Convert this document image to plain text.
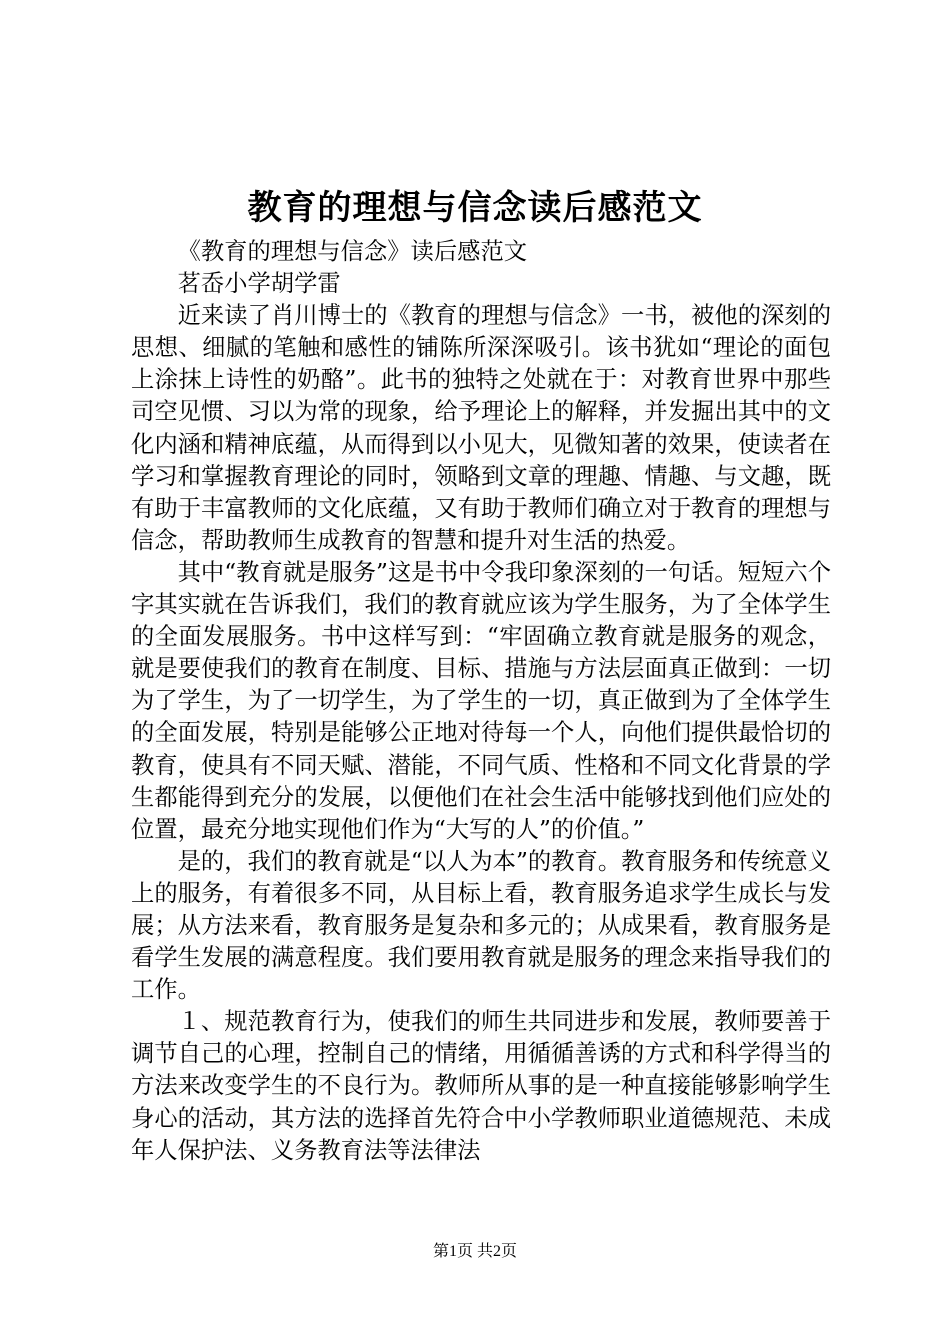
教育的理想与信念读后感范文

《教育的理想与信念》读后感范文

茗岙小学胡学雷

近来读了肖川博士的《教育的理想与信念》一书，被他的深刻的思想、细腻的笔触和感性的铺陈所深深吸引。该书犹如“理论的面包上涂抹上诗性的奶酪”。此书的独特之处就在于：对教育世界中那些司空见惯、习以为常的现象，给予理论上的解释，并发掘出其中的文化内涵和精神底蕴，从而得到以小见大，见微知著的效果，使读者在学习和掌握教育理论的同时，领略到文章的理趣、情趣、与文趣，既有助于丰富教师的文化底蕴，又有助于教师们确立对于教育的理想与信念，帮助教师生成教育的智慧和提升对生活的热爱。

其中“教育就是服务”这是书中令我印象深刻的一句话。短短六个字其实就在告诉我们，我们的教育就应该为学生服务，为了全体学生的全面发展服务。书中这样写到：“牢固确立教育就是服务的观念，就是要使我们的教育在制度、目标、措施与方法层面真正做到：一切为了学生，为了一切学生，为了学生的一切，真正做到为了全体学生的全面发展，特别是能够公正地对待每一个人，向他们提供最恰切的教育，使具有不同天赋、潜能，不同气质、性格和不同文化背景的学生都能得到充分的发展，以便他们在社会生活中能够找到他们应处的位置，最充分地实现他们作为“大写的人”的价值。”

是的，我们的教育就是“以人为本”的教育。教育服务和传统意义上的服务，有着很多不同，从目标上看，教育服务追求学生成长与发展；从方法来看，教育服务是复杂和多元的；从成果看，教育服务是看学生发展的满意程度。我们要用教育就是服务的理念来指导我们的工作。

１、规范教育行为，使我们的师生共同进步和发展，教师要善于调节自己的心理，控制自己的情绪，用循循善诱的方式和科学得当的方法来改变学生的不良行为。教师所从事的是一种直接能够影响学生身心的活动，其方法的选择首先符合中小学教师职业道德规范、未成年人保护法、义务教育法等法律法

第1页 共2页
